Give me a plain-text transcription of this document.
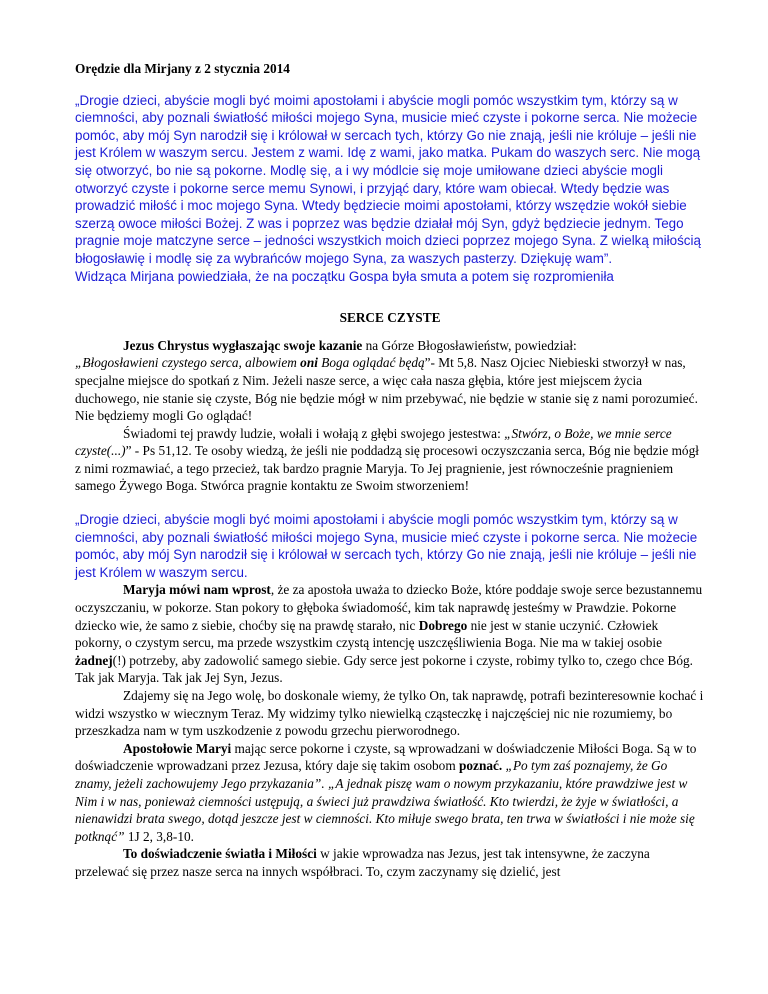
Orędzie dla Mirjany z 2 stycznia 2014

„Drogie dzieci, abyście mogli być moimi apostołami i abyście mogli pomóc wszystkim tym, którzy są w ciemności, aby poznali światłość miłości mojego Syna, musicie mieć czyste i pokorne serca. Nie możecie pomóc, aby mój Syn narodził się i królował w sercach tych, którzy Go nie znają, jeśli nie króluje – jeśli nie jest Królem w waszym sercu. Jestem z wami. Idę z wami, jako matka. Pukam do waszych serc. Nie mogą się otworzyć, bo nie są pokorne. Modlę się, a i wy módlcie się moje umiłowane dzieci abyście mogli otworzyć czyste i pokorne serce memu Synowi, i przyjąć dary, które wam obiecał. Wtedy będzie was prowadzić miłość i moc mojego Syna. Wtedy będziecie moimi apostołami, którzy wszędzie wokół siebie szerzą owoce miłości Bożej. Z was i poprzez was będzie działał mój Syn, gdyż będziecie jednym. Tego pragnie moje matczyne serce – jedności wszystkich moich dzieci poprzez mojego Syna. Z wielką miłością błogosławię i modlę się za wybrańców mojego Syna, za waszych pasterzy. Dziękuję wam”.

Widząca Mirjana powiedziała, że na początku Gospa była smuta a potem się rozpromieniła

SERCE CZYSTE

Jezus Chrystus wygłaszając swoje kazanie na Górze Błogosławieństw, powiedział:
„Błogosławieni czystego serca, albowiem oni Boga oglądać będą”- Mt 5,8. Nasz Ojciec Niebieski stworzył w nas, specjalne miejsce do spotkań z Nim. Jeżeli nasze serce, a więc cała nasza głębia, które jest miejscem życia duchowego, nie stanie się czyste, Bóg nie będzie mógł w nim przebywać, nie będzie w stanie się z nami porozumieć. Nie będziemy mogli Go oglądać!

Świadomi tej prawdy ludzie, wołali i wołają z głębi swojego jestestwa: „Stwórz, o Boże, we mnie serce czyste(...)” - Ps 51,12. Te osoby wiedzą, że jeśli nie poddadzą się procesowi oczyszczania serca, Bóg nie będzie mógł z nimi rozmawiać, a tego przecież, tak bardzo pragnie Maryja. To Jej pragnienie, jest równocześnie pragnieniem samego Żywego Boga. Stwórca pragnie kontaktu ze Swoim stworzeniem!

„Drogie dzieci, abyście mogli być moimi apostołami i abyście mogli pomóc wszystkim tym, którzy są w ciemności, aby poznali światłość miłości mojego Syna, musicie mieć czyste i pokorne serca. Nie możecie pomóc, aby mój Syn narodził się i królował w sercach tych, którzy Go nie znają, jeśli nie króluje – jeśli nie jest Królem w waszym sercu.

Maryja mówi nam wprost, że za apostoła uważa to dziecko Boże, które poddaje swoje serce bezustannemu oczyszczaniu, w pokorze. Stan pokory to głęboka świadomość, kim tak naprawdę jesteśmy w Prawdzie. Pokorne dziecko wie, że samo z siebie, choćby się na prawdę starało, nic Dobrego nie jest w stanie uczynić. Człowiek pokorny, o czystym sercu, ma przede wszystkim czystą intencję uszczęśliwienia Boga. Nie ma w takiej osobie żadnej(!) potrzeby, aby zadowolić samego siebie. Gdy serce jest pokorne i czyste, robimy tylko to, czego chce Bóg. Tak jak Maryja. Tak jak Jej Syn, Jezus.

Zdajemy się na Jego wolę, bo doskonale wiemy, że tylko On, tak naprawdę, potrafi bezinteresownie kochać i widzi wszystko w wiecznym Teraz. My widzimy tylko niewielką cząsteczkę i najczęściej nic nie rozumiemy, bo przeszkadza nam w tym uszkodzenie z powodu grzechu pierworodnego.

Apostołowie Maryi mając serce pokorne i czyste, są wprowadzani w doświadczenie Miłości Boga. Są w to doświadczenie wprowadzani przez Jezusa, który daje się takim osobom poznać. „Po tym zaś poznajemy, że Go znamy, jeżeli zachowujemy Jego przykazania”. „A jednak piszę wam o nowym przykazaniu, które prawdziwe jest w Nim i w nas, ponieważ ciemności ustępują, a świeci już prawdziwa światłość. Kto twierdzi, że żyje w światłości, a nienawidzi brata swego, dotąd jeszcze jest w ciemności. Kto miłuje swego brata, ten trwa w światłości i nie może się potknąć” 1J 2, 3,8-10.

To doświadczenie światła i Miłości w jakie wprowadza nas Jezus, jest tak intensywne, że zaczyna przelewać się przez nasze serca na innych współbraci. To, czym zaczynamy się dzielić, jest
